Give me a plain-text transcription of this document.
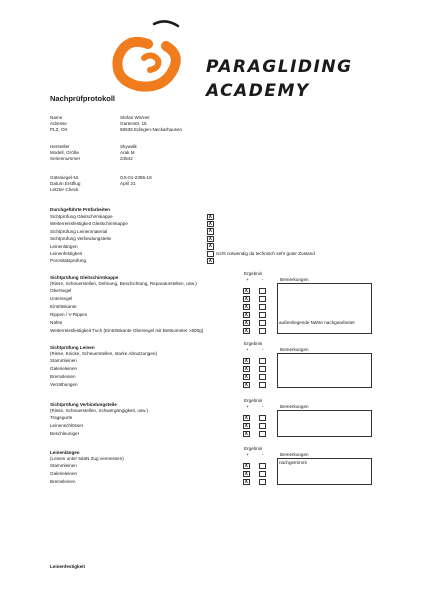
PARAGLIDING
ACADEMY
Nachprüfprotokoll
Name	Stefan Wörner
Adresse	Gartenstr. 15
PLZ, Ort	68535 Edingen-Neckarhausen
Hersteller	Skywalk
Modell, Größe	Arak M
Seriennummer	24542
Gütesiegel-Nr.	GS-01-2395-18
Datum Erstflug	April 21
Letzter Check
Durchgeführte Prüfarbeiten
Sichtprüfung Gleitschirmkappe	X
Weiterreissfestigkeit Gleitschirmkappe	X
Sichtprüfung Leinenmaterial	X
Sichtprüfung Verbindungsteile	X
Leinenlängen	X
Leinenfestigkeit	nicht notwendig da technisch sehr guter Zustand
Porositätsprüfung	X
Ergebnis
+	-	Bemerkungen
Sichtprüfung Gleitschirmkappe
(Risse, Scheuerstellen, Dehnung, Beschichtung, Reparaturstellen, usw.)
Obersegel	X
Untersegel	X
Eintrittskante	X
Rippen / V-Rippen	X
Nähte	X
Weiterreissfestigkeit Tuch (Eintrittskante Obersegel mit Bettsometer >600g)	X
außenliegende Nähte nachgearbeitet
Ergebnis
+	-	Bemerkungen
Sichtprüfung Leinen
(Risse, Knicke, Scheuerstellen, starke Abnutzungen)
Stammleinen	X
Galerieleinen	X
Bremsleinen	X
Verräthungen	X
Ergebnis
+	-	Bemerkungen
Sichtprüfung Verbindungsteile
(Risse, Scheuerstellen, Schwergängigkeit, usw.)
Tragegurte	X
Leinenschlösser	X
Beschleuniger	X
Ergebnis
+	-	Bemerkungen
Leinenlängen
(Leinen unter 5daN Zug vermessen)
Stammleinen	X
Galerieleinen	X
Bremsleinen	X
nachgetrimmt
Leinenfestigkeit
